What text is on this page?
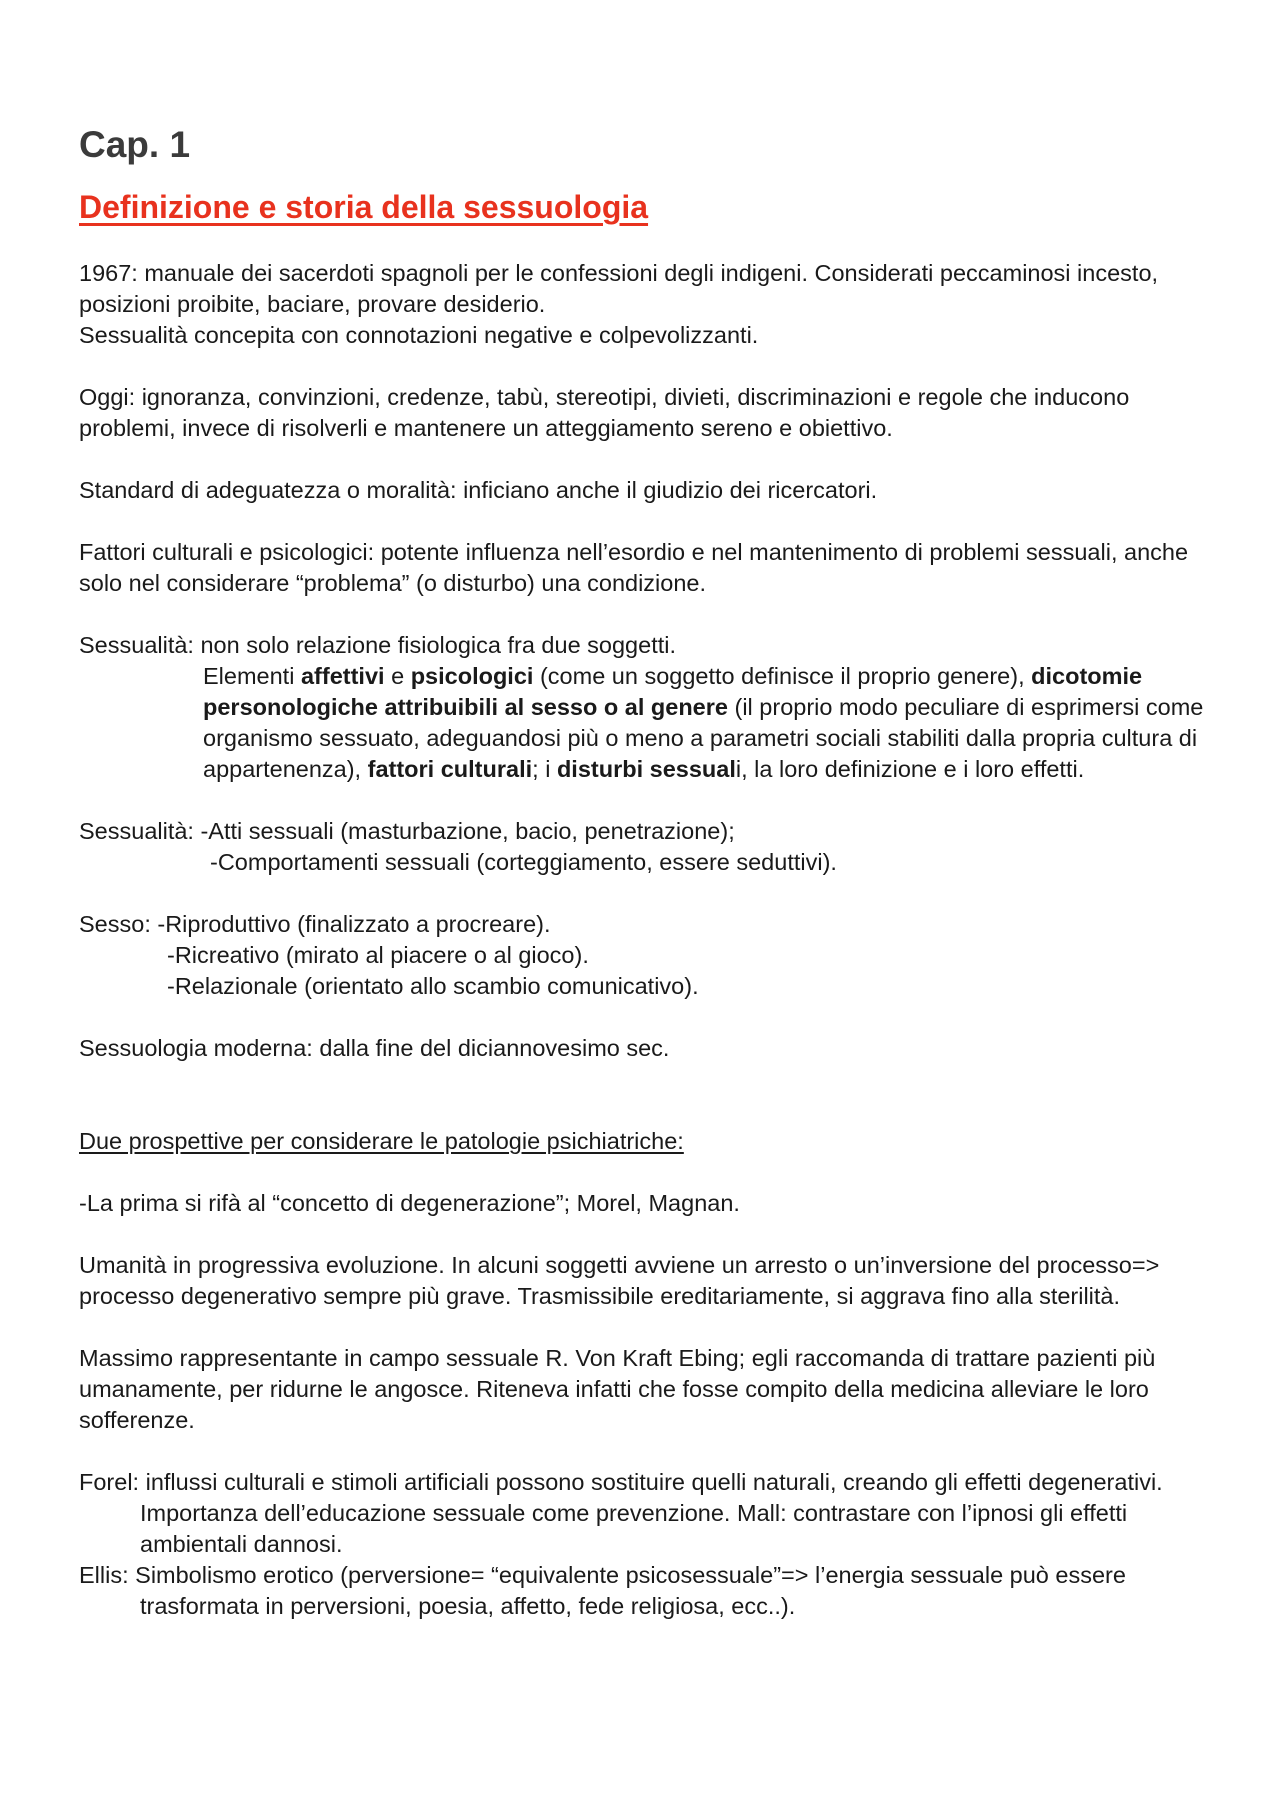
Cap. 1
Definizione e storia della sessuologia

1967: manuale dei sacerdoti spagnoli per le confessioni degli indigeni. Considerati peccaminosi incesto, posizioni proibite, baciare, provare desiderio.
Sessualità concepita con connotazioni negative e colpevolizzanti.

Oggi: ignoranza, convinzioni, credenze, tabù, stereotipi, divieti, discriminazioni e regole che inducono problemi, invece di risolverli e mantenere un atteggiamento sereno e obiettivo.

Standard di adeguatezza o moralità: inficiano anche il giudizio dei ricercatori.

Fattori culturali e psicologici: potente influenza nell’esordio e nel mantenimento di problemi sessuali, anche solo nel considerare “problema” (o disturbo) una condizione.

Sessualità: non solo relazione fisiologica fra due soggetti.

Elementi affettivi e psicologici (come un soggetto definisce il proprio genere), dicotomie personologiche attribuibili al sesso o al genere (il proprio modo peculiare di esprimersi come organismo sessuato, adeguandosi più o meno a parametri sociali stabiliti dalla propria cultura di appartenenza), fattori culturali; i disturbi sessuali, la loro definizione e i loro effetti.

Sessualità: -Atti sessuali (masturbazione, bacio, penetrazione);
-Comportamenti sessuali (corteggiamento, essere seduttivi).

Sesso: -Riproduttivo (finalizzato a procreare).
-Ricreativo (mirato al piacere o al gioco).
-Relazionale (orientato allo scambio comunicativo).

Sessuologia moderna: dalla fine del diciannovesimo sec.

Due prospettive per considerare le patologie psichiatriche:

-La prima si rifà al “concetto di degenerazione”; Morel, Magnan.

Umanità in progressiva evoluzione. In alcuni soggetti avviene un arresto o un’inversione del processo=> processo degenerativo sempre più grave. Trasmissibile ereditariamente, si aggrava fino alla sterilità.

Massimo rappresentante in campo sessuale R. Von Kraft Ebing; egli raccomanda di trattare pazienti più umanamente, per ridurne le angosce. Riteneva infatti che fosse compito della medicina alleviare le loro sofferenze.

Forel: influssi culturali e stimoli artificiali possono sostituire quelli naturali, creando gli effetti degenerativi. Importanza dell’educazione sessuale come prevenzione. Mall: contrastare con l’ipnosi gli effetti ambientali dannosi.

Ellis: Simbolismo erotico (perversione= “equivalente psicosessuale”=> l’energia sessuale può essere trasformata in perversioni, poesia, affetto, fede religiosa, ecc..).
